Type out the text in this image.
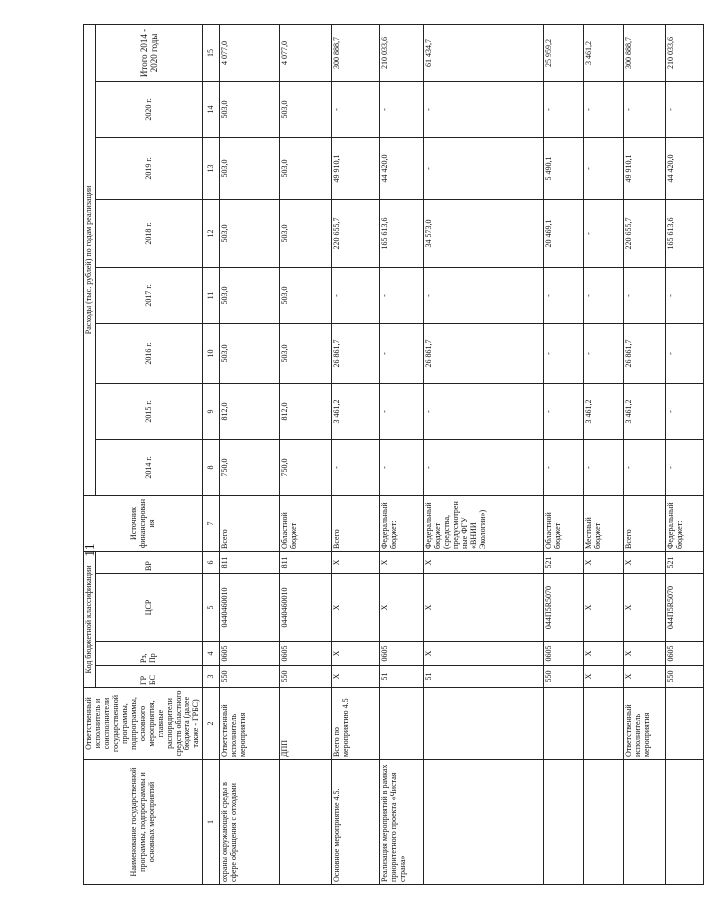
11
Наименование государственной программы, подпрограммы и основных мероприятий	Ответственный исполнитель и соисполнители государственной программы, подпрограммы, основного мероприятия, главные распорядители средств областного бюджета (далее также - ГРБС)	Код бюджетной классификации				Источник финансирования	Расходы (тыс. рублей) по годам реализации							
		ГР БС	Рз, Пр	ЦСР	ВР		2014 г.	2015 г.	2016 г.	2017 г.	2018 г.	2019 г.	2020 г.	Итого 2014 - 2020 годы

1	2	3	4	5	6	7	8	9	10	11	12	13	14	15
охраны окружающей среды в сфере обращения с отходами	Ответственный исполнитель мероприятия	550	0605	0440460010	811	Всего	750,0	812,0	503,0	503,0	503,0	503,0	503,0	4 077,0
	ДПП	550	0605	0440460010	811	Областной бюджет	750,0	812,0	503,0	503,0	503,0	503,0	503,0	4 077,0
Основное мероприятие 4.5.	Всего по мероприятию 4.5	Х	Х	Х	Х	Всего	-	3 461,2	26 861,7	-	220 655,7	49 910,1	-	300 888,7
Реализация мероприятий в рамках приоритетного проекта «Чистая страна»		51	0605	Х	Х	Федеральный бюджет:	-	-	-	-	165 613,6	44 420,0	-	210 033,6
		51	Х	Х	Х	Федеральный бюджет (средства, предусмотренные ФГУ «ВНИИ Экологии»)	-	-	26 861,7	-	34 573,0	-	-	61 434,7
		550	0605	044П5R5070	521	Областной бюджет	-	-	-	-	20 469,1	5 490,1	-	25 959,2
		Х	Х	Х	Х	Местный бюджет	-	3 461,2	-	-	-	-	-	3 461,2
	Ответственный исполнитель мероприятия	Х	Х	Х	Х	Всего	-	3 461,2	26 861,7	-	220 655,7	49 910,1	-	300 888,7
		550	0605	044П5R5070	521	Федеральный бюджет:	-	-	-	-	165 613,6	44 420,0	-	210 033,6
